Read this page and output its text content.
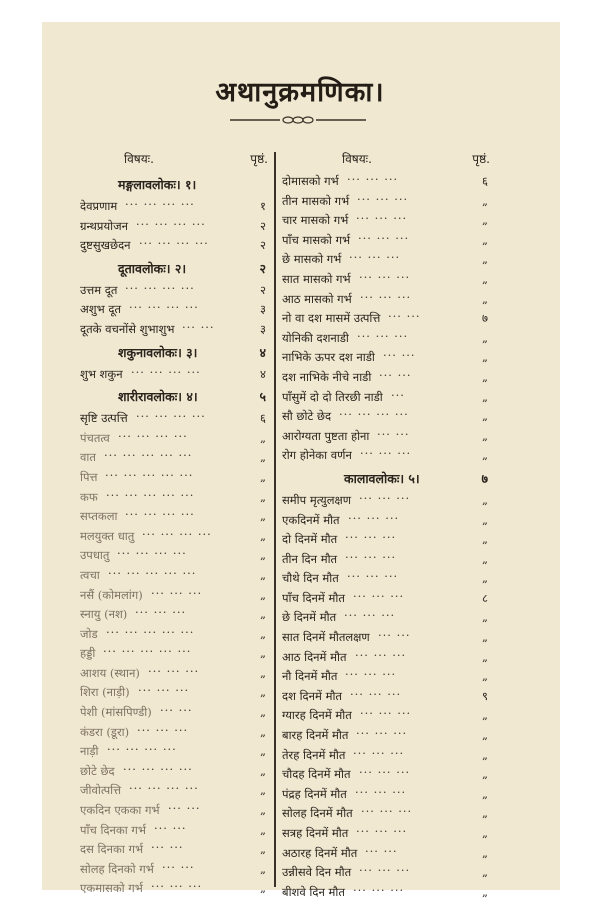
अथानुक्रमणिका।
विषयः.	पृष्ठं.
मङ्गलावलोकः। १।
देवप्रणाम ··· ··· ··· ···	१
ग्रन्थप्रयोजन ··· ··· ··· ···	२
दुष्टसुखछेदन ··· ··· ··· ···	२
दूतावलोकः। २।	२
उत्तम दूत ··· ··· ··· ···	२
अशुभ दूत ··· ··· ··· ···	३
दूतके वचनोंसे शुभाशुभ ··· ···	३
शकुनावलोकः। ३।	४
शुभ शकुन ··· ··· ··· ···	४
शारीरावलोकः। ४।	५
सृष्टि उत्पत्ति ··· ··· ··· ···	६
पंचतत्व ··· ··· ··· ···	„
वात ··· ··· ··· ··· ···	„
पित्त ··· ··· ··· ··· ···	„
कफ ··· ··· ··· ··· ···	„
सप्तकला ··· ··· ··· ···	„
मलयुक्त धातु ··· ··· ··· ···	„
उपधातु ··· ··· ··· ···	„
त्वचा ··· ··· ··· ··· ···	„
नसैं (कोमलांग) ··· ··· ···	„
स्नायु (नश) ··· ··· ···	„
जोड ··· ··· ··· ··· ···	„
हड्डी ··· ··· ··· ··· ···	„
आशय (स्थान) ··· ··· ···	„
शिरा (नाड़ी) ··· ··· ···	„
पेशी (मांसपिण्डी) ··· ···	„
कंडरा (डूरा) ··· ··· ···	„
नाड़ी ··· ··· ··· ···	„
छोटे छेद ··· ··· ··· ···	„
जीवोत्पत्ति ··· ··· ··· ···	„
एकदिन एकका गर्भ ··· ···	„
पाँच दिनका गर्भ ··· ···	„
दस दिनका गर्भ ··· ···	„
सोलह दिनको गर्भ ··· ···	„
एकमासको गर्भ ··· ··· ···	„
विषयः.	पृष्ठं.
दोमासको गर्भ ··· ··· ···	६
तीन मासको गर्भ ··· ··· ···	„
चार मासको गर्भ ··· ··· ···	„
पाँच मासको गर्भ ··· ··· ···	„
छे मासको गर्भ ··· ··· ···	„
सात मासको गर्भ ··· ··· ···	„
आठ मासको गर्भ ··· ··· ···	„
नो वा दश मासमें उत्पत्ति ··· ···	७
योनिकी दशनाडी ··· ··· ···	„
नाभिके ऊपर दश नाडी ··· ···	„
दश नाभिके नीचे नाडी ··· ···	„
पाँसुमें दो दो तिरछी नाडी ···	„
सौ छोटे छेद ··· ··· ··· ···	„
आरोग्यता पुष्टता होना ··· ···	„
रोग होनेका वर्णन ··· ··· ···	„
कालावलोकः। ५।	७
समीप मृत्युलक्षण ··· ··· ···	„
एकदिनमें मौत ··· ··· ···	„
दो दिनमें मौत ··· ··· ···	„
तीन दिन मौत ··· ··· ···	„
चौथे दिन मौत ··· ··· ···	„
पाँच दिनमें मौत ··· ··· ···	८
छे दिनमें मौत ··· ··· ···	„
सात दिनमें मौतलक्षण ··· ···	„
आठ दिनमें मौत ··· ··· ···	„
नौ दिनमें मौत ··· ··· ···	„
दश दिनमें मौत ··· ··· ···	९
ग्यारह दिनमें मौत ··· ··· ···	„
बारह दिनमें मौत ··· ··· ···	„
तेरह दिनमें मौत ··· ··· ···	„
चौदह दिनमें मौत ··· ··· ···	„
पंद्रह दिनमें मौत ··· ··· ···	„
सोलह दिनमें मौत ··· ··· ···	„
सत्रह दिनमें मौत ··· ··· ···	„
अठारह दिनमें मौत ··· ···	„
उन्नीसवे दिन मौत ··· ··· ···	„
बीशवे दिन मौत ··· ··· ···	„
